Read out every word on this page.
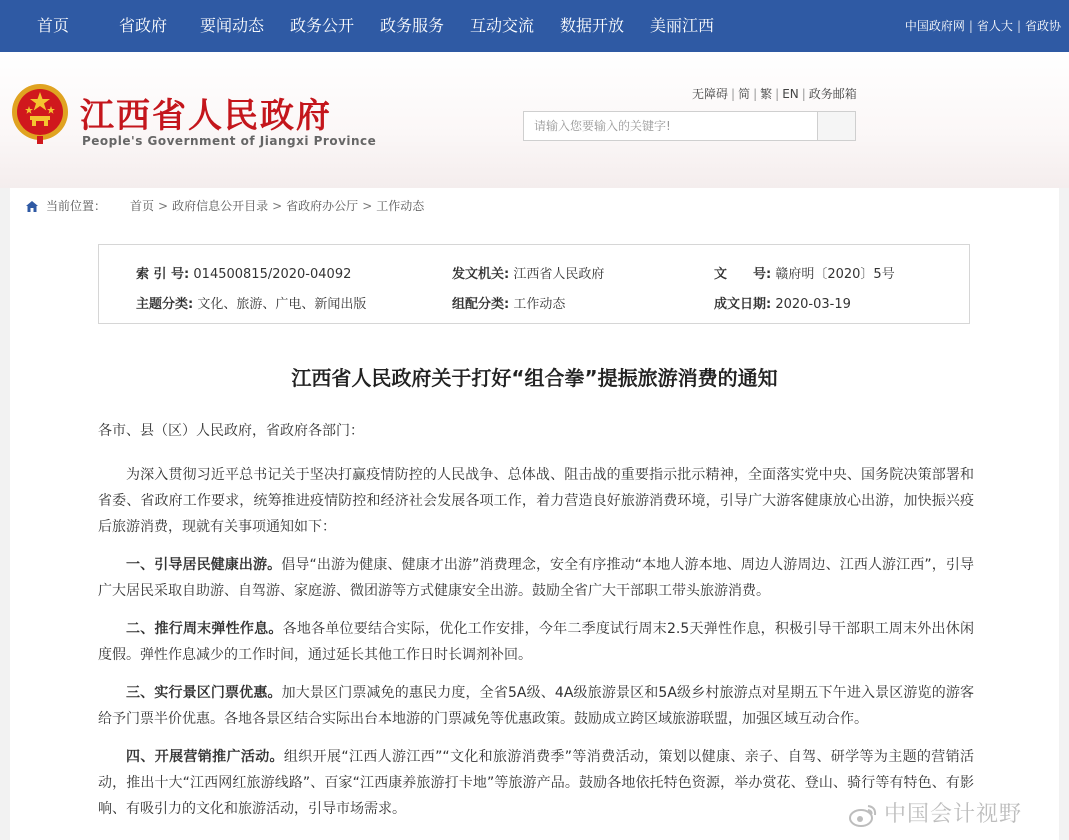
首页	省政府 要闻动态 政务公开 政务服务 互动交流 数据开放 美丽江西	中国政府网 | 省人大 | 省政协
江西省人民政府
People's Government of Jiangxi Province
无障碍 | 简 | 繁 | EN | 政务邮箱
请输入您要输入的关键字!
当前位置： 首页 > 政府信息公开目录 > 省政府办公厅 > 工作动态
索 引 号: 014500815/2020-04092	发文机关: 江西省人民政府	文　　号: 赣府明〔2020〕5号
主题分类: 文化、旅游、广电、新闻出版	组配分类: 工作动态	成文日期: 2020-03-19
江西省人民政府关于打好“组合拳”提振旅游消费的通知

各市、县（区）人民政府，省政府各部门：

为深入贯彻习近平总书记关于坚决打赢疫情防控的人民战争、总体战、阻击战的重要指示批示精神，全面落实党中央、国务院决策部署和省委、省政府工作要求，统筹推进疫情防控和经济社会发展各项工作，着力营造良好旅游消费环境，引导广大游客健康放心出游，加快振兴疫后旅游消费，现就有关事项通知如下：

一、引导居民健康出游。倡导“出游为健康、健康才出游”消费理念，安全有序推动“本地人游本地、周边人游周边、江西人游江西”，引导广大居民采取自助游、自驾游、家庭游、微团游等方式健康安全出游。鼓励全省广大干部职工带头旅游消费。

二、推行周末弹性作息。各地各单位要结合实际，优化工作安排，今年二季度试行周末2.5天弹性作息，积极引导干部职工周末外出休闲度假。弹性作息减少的工作时间，通过延长其他工作日时长调剂补回。

三、实行景区门票优惠。加大景区门票减免的惠民力度，全省5A级、4A级旅游景区和5A级乡村旅游点对星期五下午进入景区游览的游客给予门票半价优惠。各地各景区结合实际出台本地游的门票减免等优惠政策。鼓励成立跨区域旅游联盟，加强区域互动合作。

四、开展营销推广活动。组织开展“江西人游江西”“文化和旅游消费季”等消费活动，策划以健康、亲子、自驾、研学等为主题的营销活动，推出十大“江西网红旅游线路”、百家“江西康养旅游打卡地”等旅游产品。鼓励各地依托特色资源，举办赏花、登山、骑行等有特色、有影响、有吸引力的文化和旅游活动，引导市场需求。	中国会计视野
